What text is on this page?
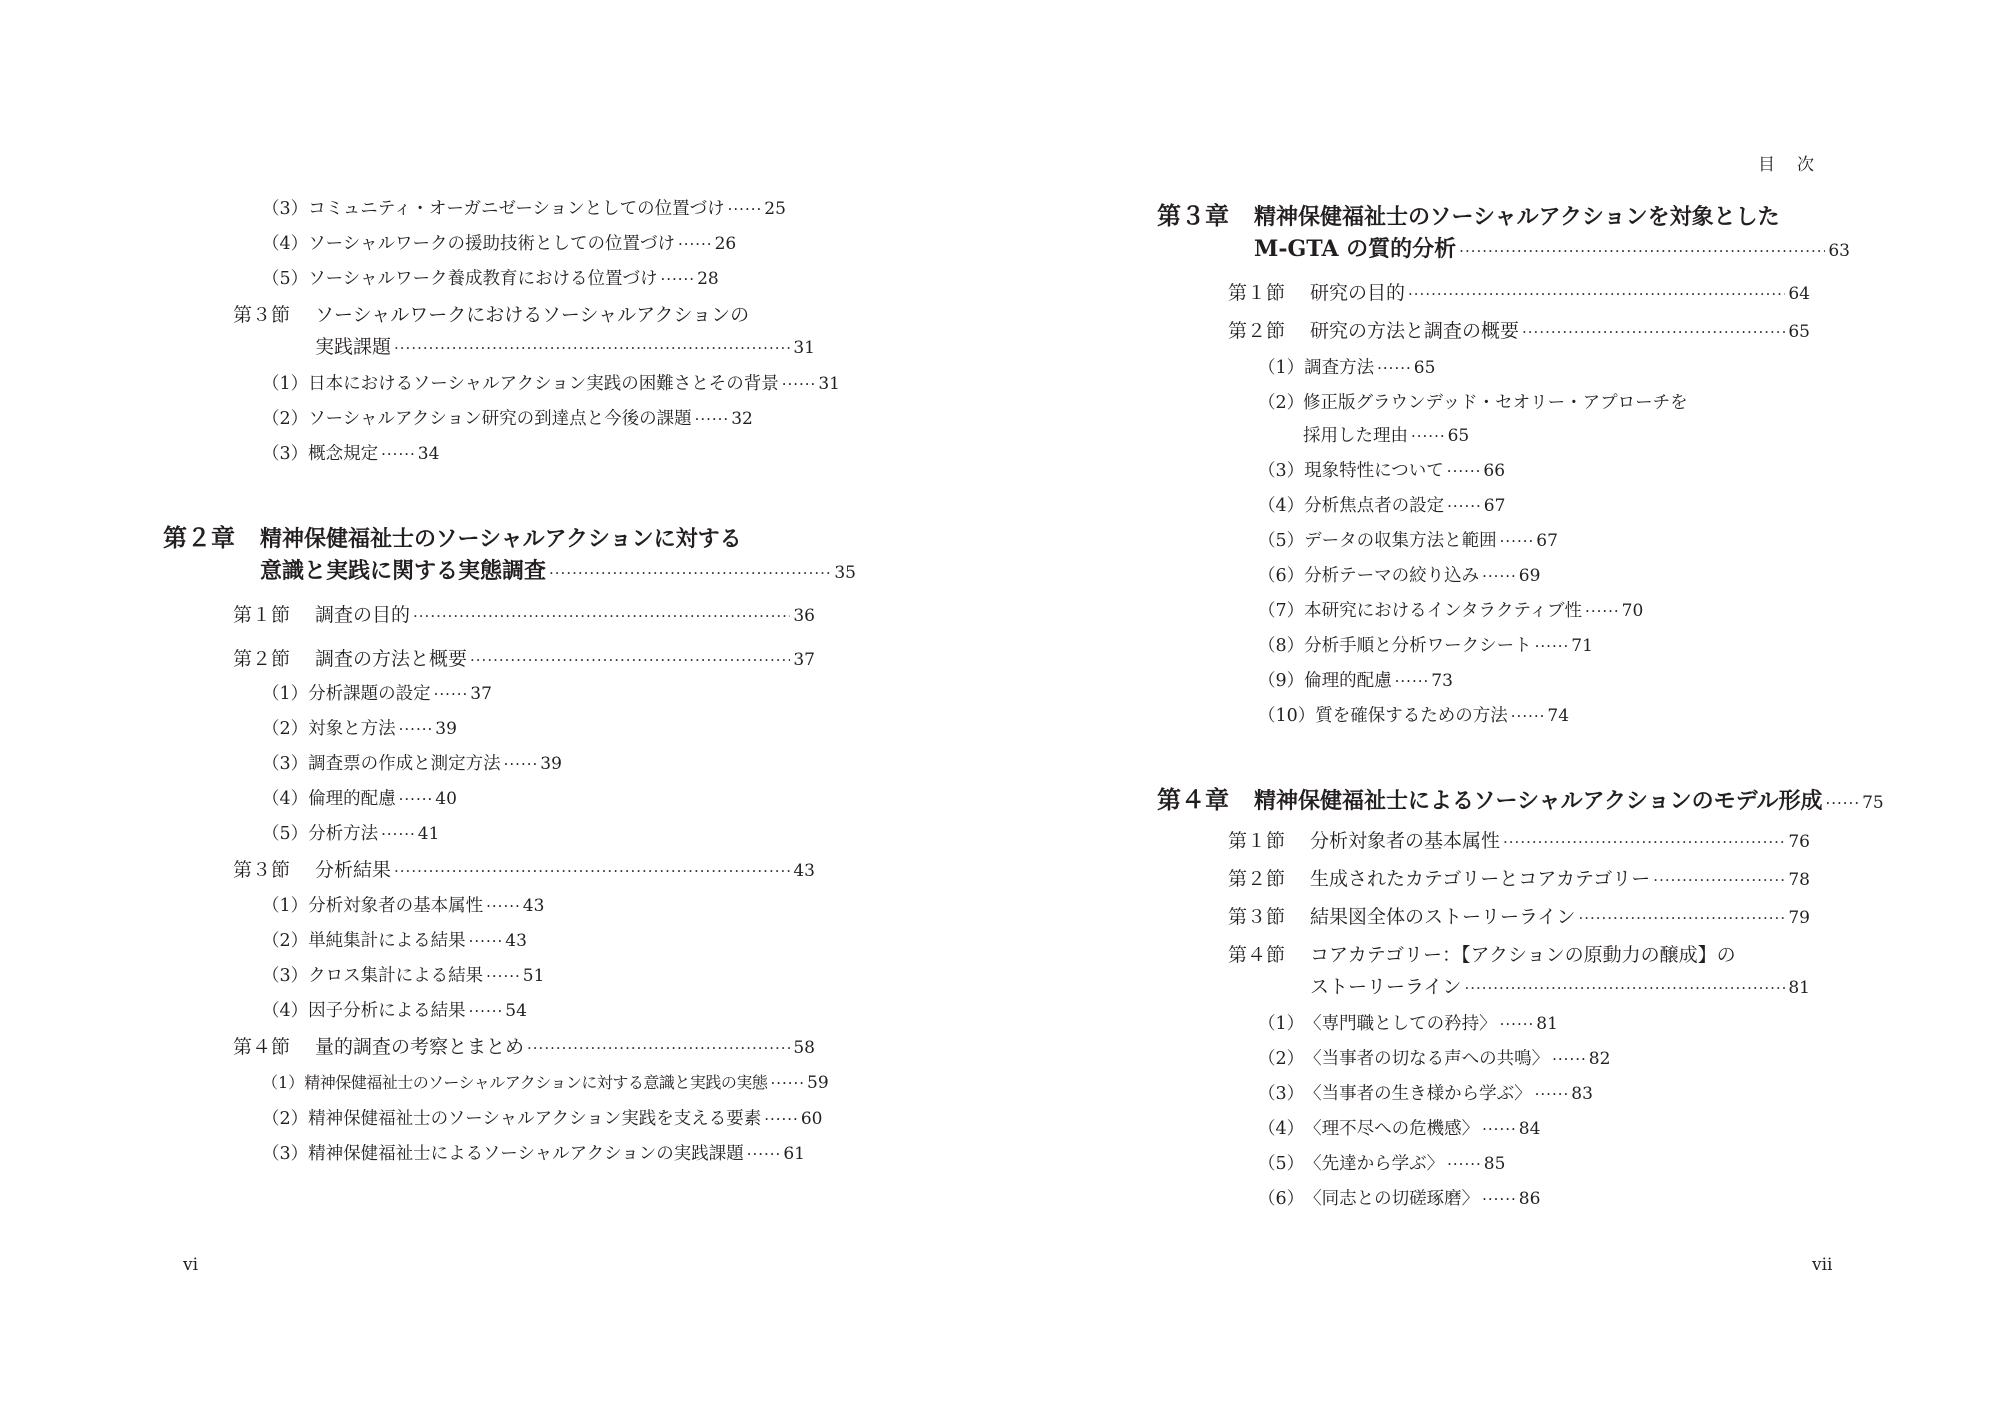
（3） コミュニティ・オーガニゼーションとしての位置づけ ······ 25
（4） ソーシャルワークの援助技術としての位置づけ ······ 26
（5） ソーシャルワーク養成教育における位置づけ ······ 28
第３節	ソーシャルワークにおけるソーシャルアクションの
実践課題 ·····	31
（1） 日本におけるソーシャルアクション実践の困難さとその背景 ······ 31
（2） ソーシャルアクション研究の到達点と今後の課題 ······ 32
（3） 概念規定 ······ 34
第２章	精神保健福祉士のソーシャルアクションに対する
意識と実践に関する実態調査 ·····	35
第１節	調査の目的 ·····	36
第２節	調査の方法と概要 ·····	37
（1） 分析課題の設定 ······ 37
（2） 対象と方法 ······ 39
（3） 調査票の作成と測定方法 ······ 39
（4） 倫理的配慮 ······ 40
（5） 分析方法 ······ 41
第３節	分析結果 ·····	43
（1） 分析対象者の基本属性 ······ 43
（2） 単純集計による結果 ······ 43
（3） クロス集計による結果 ······ 51
（4） 因子分析による結果 ······ 54
第４節	量的調査の考察とまとめ ·····	58
（1） 精神保健福祉士のソーシャルアクションに対する意識と実践の実態 ······ 59
（2） 精神保健福祉士のソーシャルアクション実践を支える要素 ······ 60
（3） 精神保健福祉士によるソーシャルアクションの実践課題 ······ 61
vi
目次
第３章	精神保健福祉士のソーシャルアクションを対象とした
M-GTA の質的分析 ·····	63
第１節	研究の目的 ·····	64
第２節	研究の方法と調査の概要 ·····	65
（1） 調査方法 ······ 65
（2）
修正版グラウンデッド・セオリー・アプローチを
採用した理由 ······ 65
（3） 現象特性について ······ 66
（4） 分析焦点者の設定 ······ 67
（5） データの収集方法と範囲 ······ 67
（6） 分析テーマの絞り込み ······ 69
（7） 本研究におけるインタラクティブ性 ······ 70
（8） 分析手順と分析ワークシート ······ 71
（9） 倫理的配慮 ······ 73
（10） 質を確保するための方法 ······ 74
第４章	精神保健福祉士によるソーシャルアクションのモデル形成 ······ 75
第１節	分析対象者の基本属性 ·····	76
第２節	生成されたカテゴリーとコアカテゴリー ·····	78
第３節	結果図全体のストーリーライン ·····	79
第４節	コアカテゴリー：【アクションの原動力の醸成】の
ストーリーライン ·····	81
（1） 〈専門職としての矜持〉 ······ 81
（2） 〈当事者の切なる声への共鳴〉 ······ 82
（3） 〈当事者の生き様から学ぶ〉 ······ 83
（4） 〈理不尽への危機感〉 ······ 84
（5） 〈先達から学ぶ〉 ······ 85
（6） 〈同志との切磋琢磨〉 ······ 86
vii
